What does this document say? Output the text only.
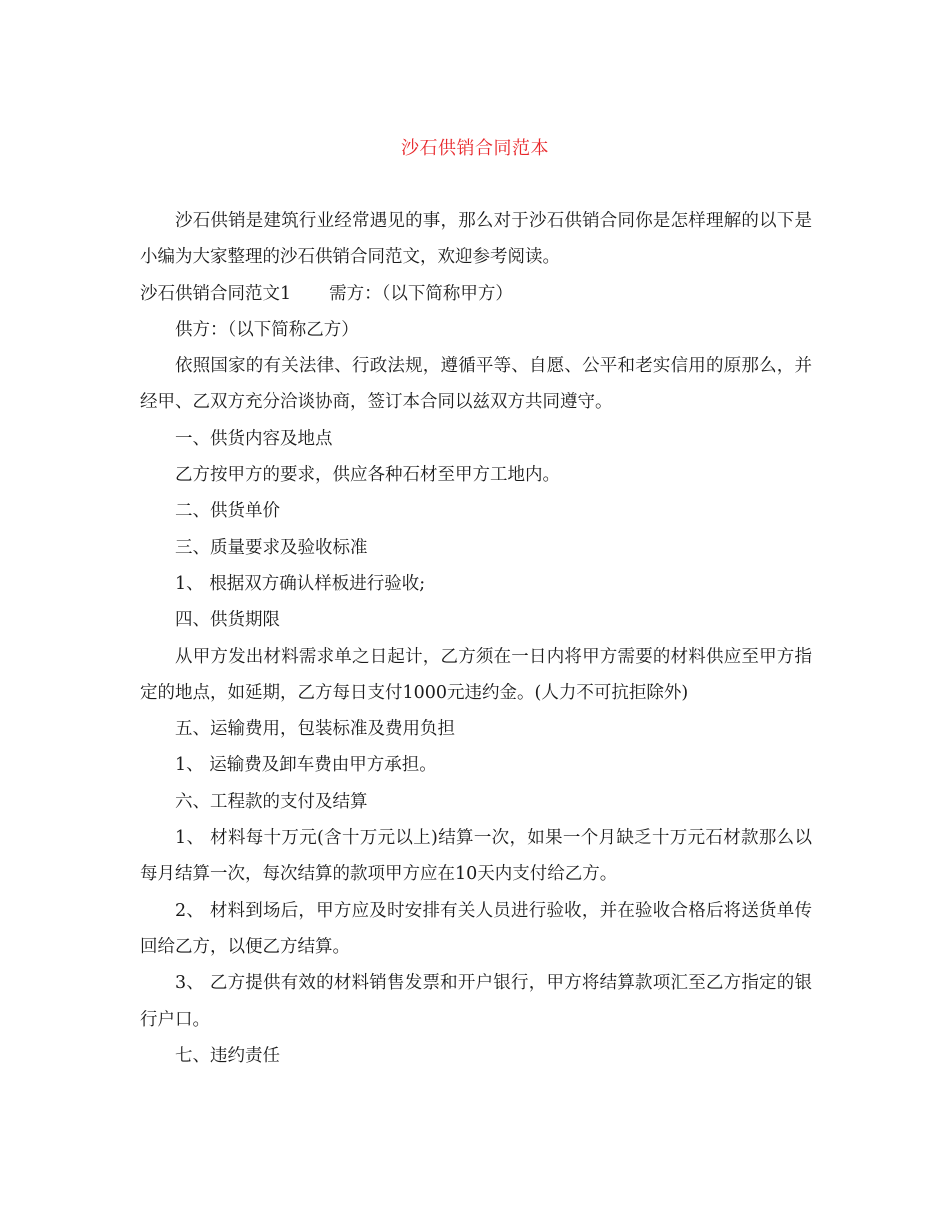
沙石供销合同范本

沙石供销是建筑行业经常遇见的事，那么对于沙石供销合同你是怎样理解的以下是小编为大家整理的沙石供销合同范文，欢迎参考阅读。

沙石供销合同范文1 需方：（以下简称甲方）

供方：（以下简称乙方）

依照国家的有关法律、行政法规，遵循平等、自愿、公平和老实信用的原那么，并经甲、乙双方充分洽谈协商，签订本合同以兹双方共同遵守。

一、供货内容及地点

乙方按甲方的要求，供应各种石材至甲方工地内。

二、供货单价

三、质量要求及验收标准

1、 根据双方确认样板进行验收;

四、供货期限

从甲方发出材料需求单之日起计，乙方须在一日内将甲方需要的材料供应至甲方指定的地点，如延期，乙方每日支付1000元违约金。(人力不可抗拒除外)

五、运输费用，包装标准及费用负担

1、 运输费及卸车费由甲方承担。

六、工程款的支付及结算

1、 材料每十万元(含十万元以上)结算一次，如果一个月缺乏十万元石材款那么以每月结算一次，每次结算的款项甲方应在10天内支付给乙方。

2、 材料到场后，甲方应及时安排有关人员进行验收，并在验收合格后将送货单传回给乙方，以便乙方结算。

3、 乙方提供有效的材料销售发票和开户银行，甲方将结算款项汇至乙方指定的银行户口。

七、违约责任
